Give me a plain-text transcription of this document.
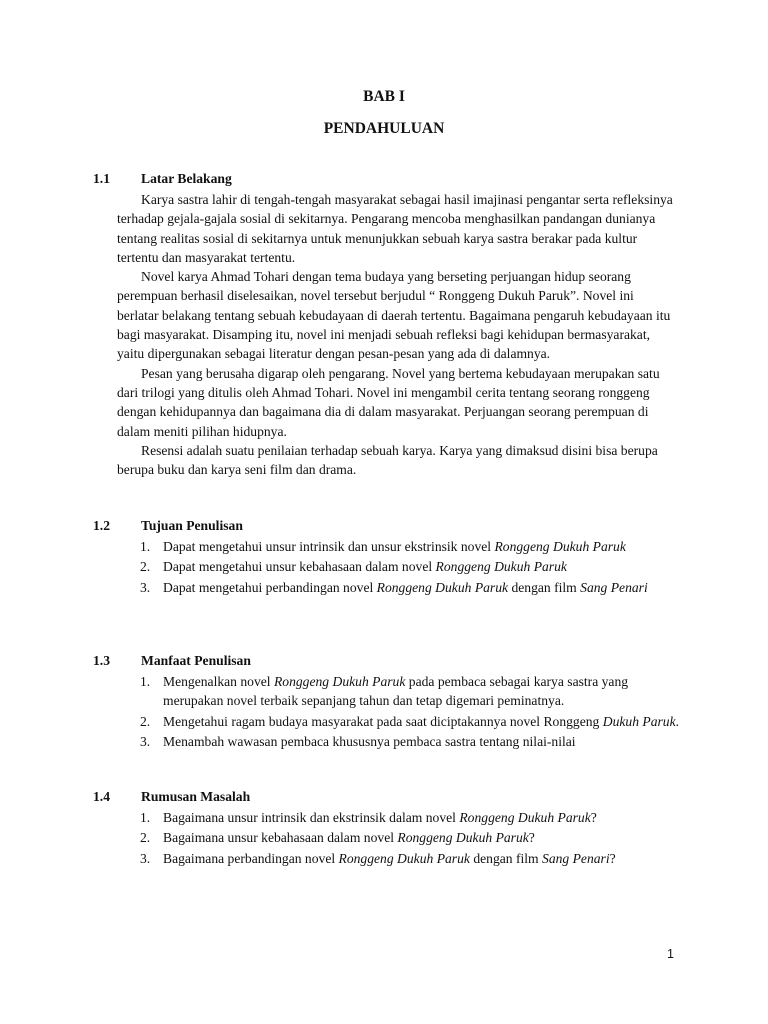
BAB I
PENDAHULUAN
1.1 Latar Belakang

Karya sastra lahir di tengah-tengah masyarakat sebagai hasil imajinasi pengantar serta refleksinya terhadap gejala-gajala sosial di sekitarnya. Pengarang mencoba menghasilkan pandangan dunianya tentang realitas sosial di sekitarnya untuk menunjukkan sebuah karya sastra berakar pada kultur tertentu dan masyarakat tertentu.

Novel karya Ahmad Tohari dengan tema budaya yang berseting perjuangan hidup seorang perempuan berhasil diselesaikan, novel tersebut berjudul “ Ronggeng Dukuh Paruk”. Novel ini berlatar belakang tentang sebuah kebudayaan di daerah tertentu. Bagaimana pengaruh kebudayaan itu bagi masyarakat. Disamping itu, novel ini menjadi sebuah refleksi bagi kehidupan bermasyarakat, yaitu dipergunakan sebagai literatur dengan pesan-pesan yang ada di dalamnya.

Pesan yang berusaha digarap oleh pengarang. Novel yang bertema kebudayaan merupakan satu dari trilogi yang ditulis oleh Ahmad Tohari. Novel ini mengambil cerita tentang seorang ronggeng dengan kehidupannya dan bagaimana dia di dalam masyarakat. Perjuangan seorang perempuan di dalam meniti pilihan hidupnya.

Resensi adalah suatu penilaian terhadap sebuah karya. Karya yang dimaksud disini bisa berupa berupa buku dan karya seni film dan drama.

1.2 Tujuan Penulisan
1. Dapat mengetahui unsur intrinsik dan unsur ekstrinsik novel Ronggeng Dukuh Paruk
2. Dapat mengetahui unsur kebahasaan dalam novel Ronggeng Dukuh Paruk
3. Dapat mengetahui perbandingan novel Ronggeng Dukuh Paruk dengan film Sang Penari
1.3 Manfaat Penulisan
1. Mengenalkan novel Ronggeng Dukuh Paruk pada pembaca sebagai karya sastra yang merupakan novel terbaik sepanjang tahun dan tetap digemari peminatnya.
2. Mengetahui ragam budaya masyarakat pada saat diciptakannya novel Ronggeng Dukuh Paruk.
3. Menambah wawasan pembaca khususnya pembaca sastra tentang nilai-nilai
1.4 Rumusan Masalah
1. Bagaimana unsur intrinsik dan ekstrinsik dalam novel Ronggeng Dukuh Paruk?
2. Bagaimana unsur kebahasaan dalam novel Ronggeng Dukuh Paruk?
3. Bagaimana perbandingan novel Ronggeng Dukuh Paruk dengan film Sang Penari?
1
